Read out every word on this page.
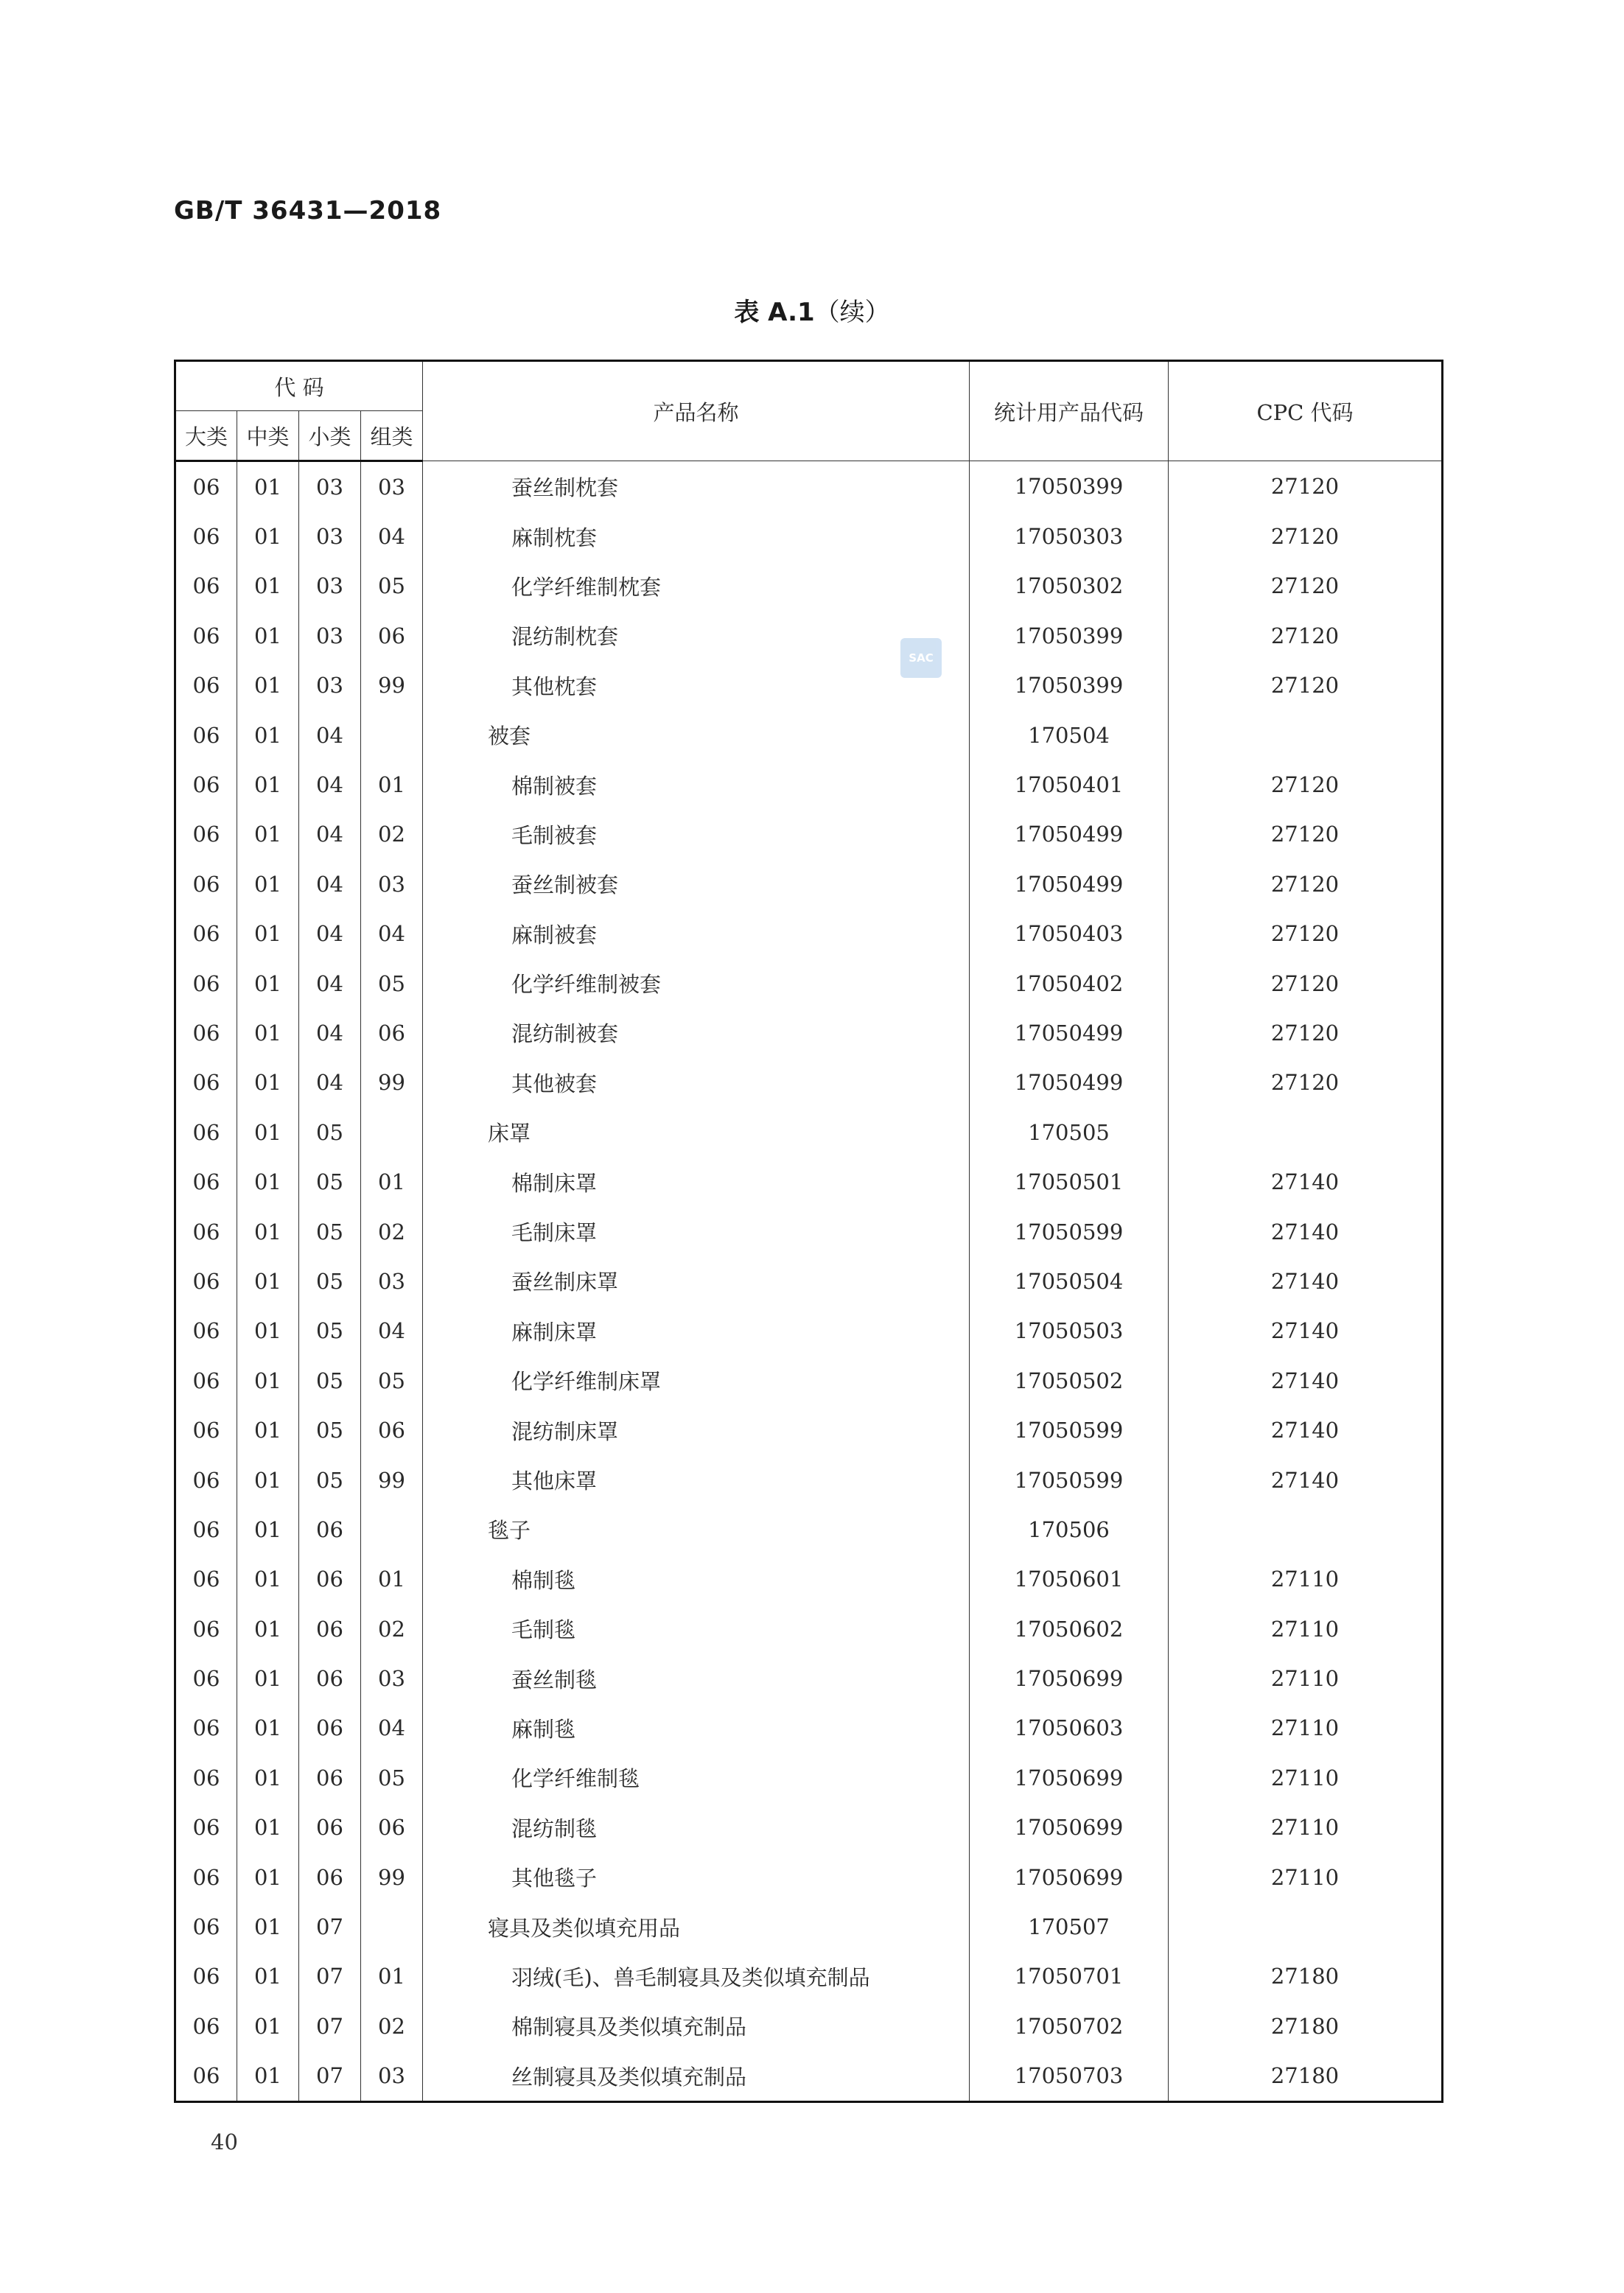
GB/T 36431—2018
表 A.1（续）
SAC
代 码				产品名称	统计用产品代码	CPC 代码
大类	中类	小类	组类			
06	01	03	03	蚕丝制枕套	17050399	27120
06	01	03	04	麻制枕套	17050303	27120
06	01	03	05	化学纤维制枕套	17050302	27120
06	01	03	06	混纺制枕套	17050399	27120
06	01	03	99	其他枕套	17050399	27120
06	01	04		被套	170504	
06	01	04	01	棉制被套	17050401	27120
06	01	04	02	毛制被套	17050499	27120
06	01	04	03	蚕丝制被套	17050499	27120
06	01	04	04	麻制被套	17050403	27120
06	01	04	05	化学纤维制被套	17050402	27120
06	01	04	06	混纺制被套	17050499	27120
06	01	04	99	其他被套	17050499	27120
06	01	05		床罩	170505	
06	01	05	01	棉制床罩	17050501	27140
06	01	05	02	毛制床罩	17050599	27140
06	01	05	03	蚕丝制床罩	17050504	27140
06	01	05	04	麻制床罩	17050503	27140
06	01	05	05	化学纤维制床罩	17050502	27140
06	01	05	06	混纺制床罩	17050599	27140
06	01	05	99	其他床罩	17050599	27140
06	01	06		毯子	170506	
06	01	06	01	棉制毯	17050601	27110
06	01	06	02	毛制毯	17050602	27110
06	01	06	03	蚕丝制毯	17050699	27110
06	01	06	04	麻制毯	17050603	27110
06	01	06	05	化学纤维制毯	17050699	27110
06	01	06	06	混纺制毯	17050699	27110
06	01	06	99	其他毯子	17050699	27110
06	01	07		寝具及类似填充用品	170507	
06	01	07	01	羽绒(毛)、兽毛制寝具及类似填充制品	17050701	27180
06	01	07	02	棉制寝具及类似填充制品	17050702	27180
06	01	07	03	丝制寝具及类似填充制品	17050703	27180
40
